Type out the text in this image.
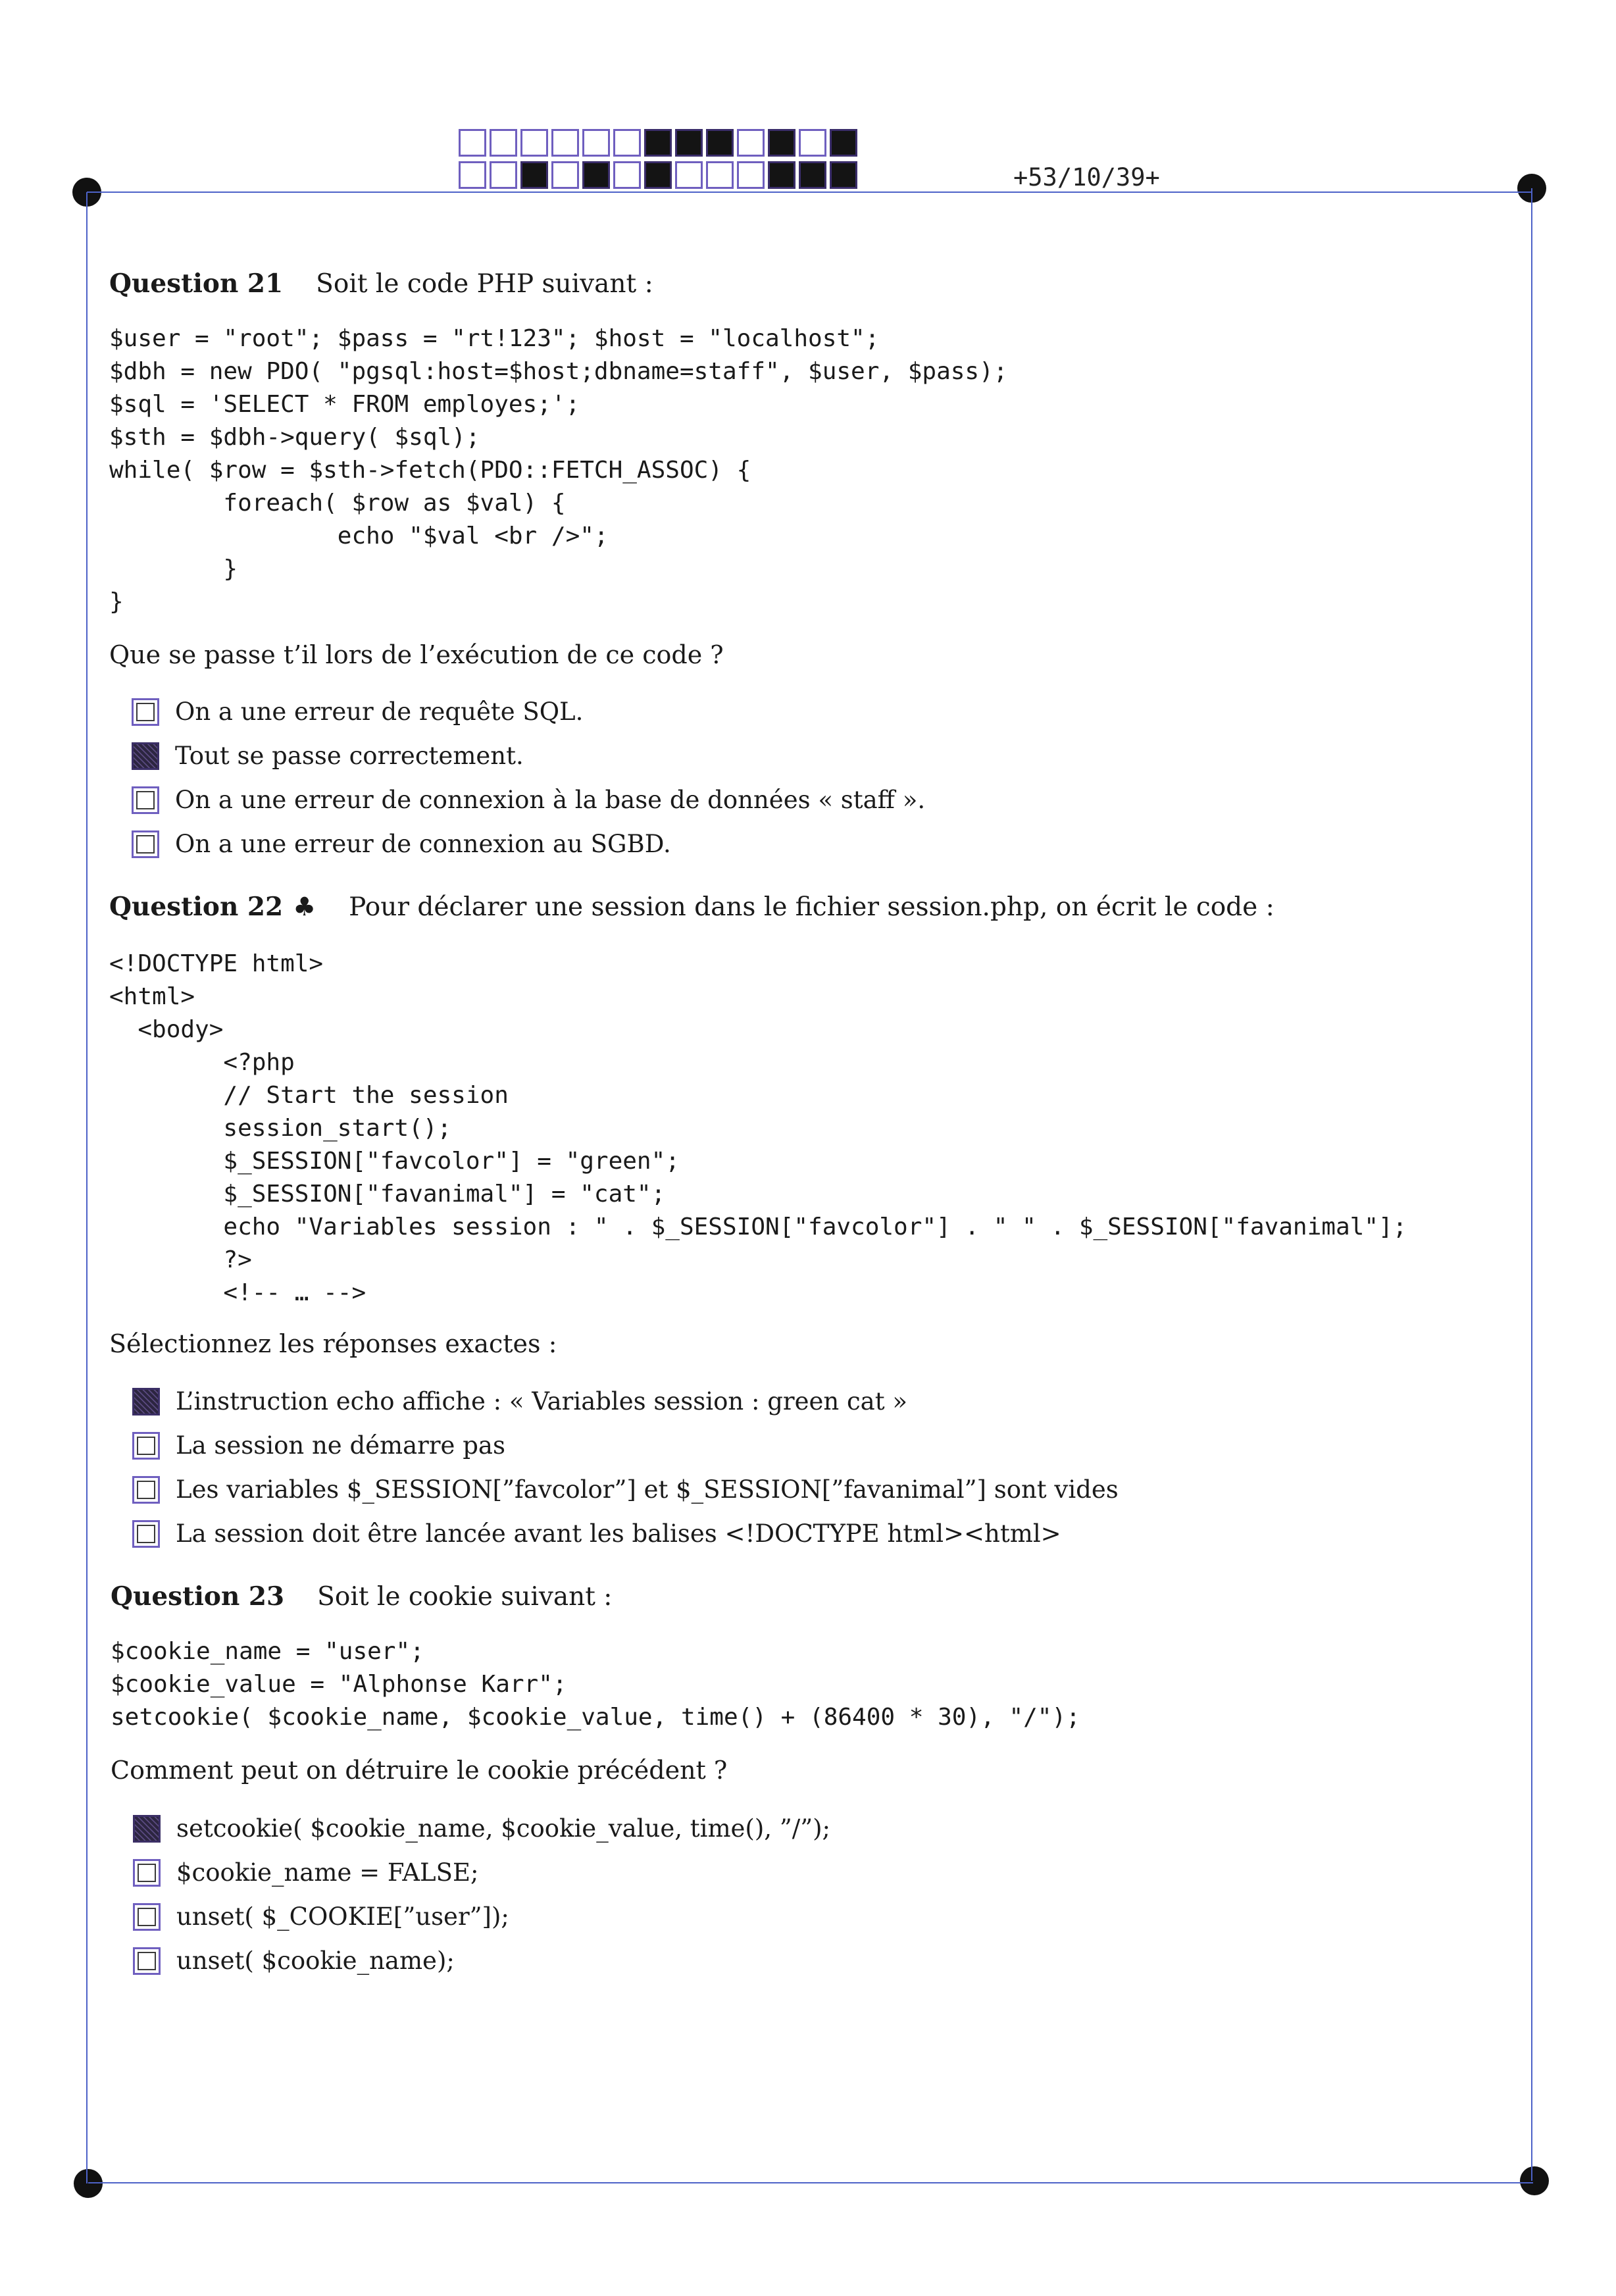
+53/10/39+
Question 21 Soit le code PHP suivant :
$user = "root"; $pass = "rt!123"; $host = "localhost";
$dbh = new PDO( "pgsql:host=$host;dbname=staff", $user, $pass);
$sql = 'SELECT * FROM employes;';
$sth = $dbh->query( $sql);
while( $row = $sth->fetch(PDO::FETCH_ASSOC) {
foreach( $row as $val) {
echo "$val <br />";
}
}
Que se passe t’il lors de l’exécution de ce code ?
On a une erreur de requête SQL.
Tout se passe correctement.
On a une erreur de connexion à la base de données « staff ».
On a une erreur de connexion au SGBD.
Question 22 ♣ Pour déclarer une session dans le fichier session.php, on écrit le code :
<!DOCTYPE html>
<html>
<body>
<?php
// Start the session
session_start();
$_SESSION["favcolor"] = "green";
$_SESSION["favanimal"] = "cat";
echo "Variables session : " . $_SESSION["favcolor"] . " " . $_SESSION["favanimal"];
?>
<!-- … -->
Sélectionnez les réponses exactes :
L’instruction echo affiche : « Variables session : green cat »
La session ne démarre pas
Les variables $_SESSION[”favcolor”] et $_SESSION[”favanimal”] sont vides
La session doit être lancée avant les balises <!DOCTYPE html><html>
Question 23 Soit le cookie suivant :
$cookie_name = "user";
$cookie_value = "Alphonse Karr";
setcookie( $cookie_name, $cookie_value, time() + (86400 * 30), "/");
Comment peut on détruire le cookie précédent ?
setcookie( $cookie_name, $cookie_value, time(), ”/”);
$cookie_name = FALSE;
unset( $_COOKIE[”user”]);
unset( $cookie_name);
